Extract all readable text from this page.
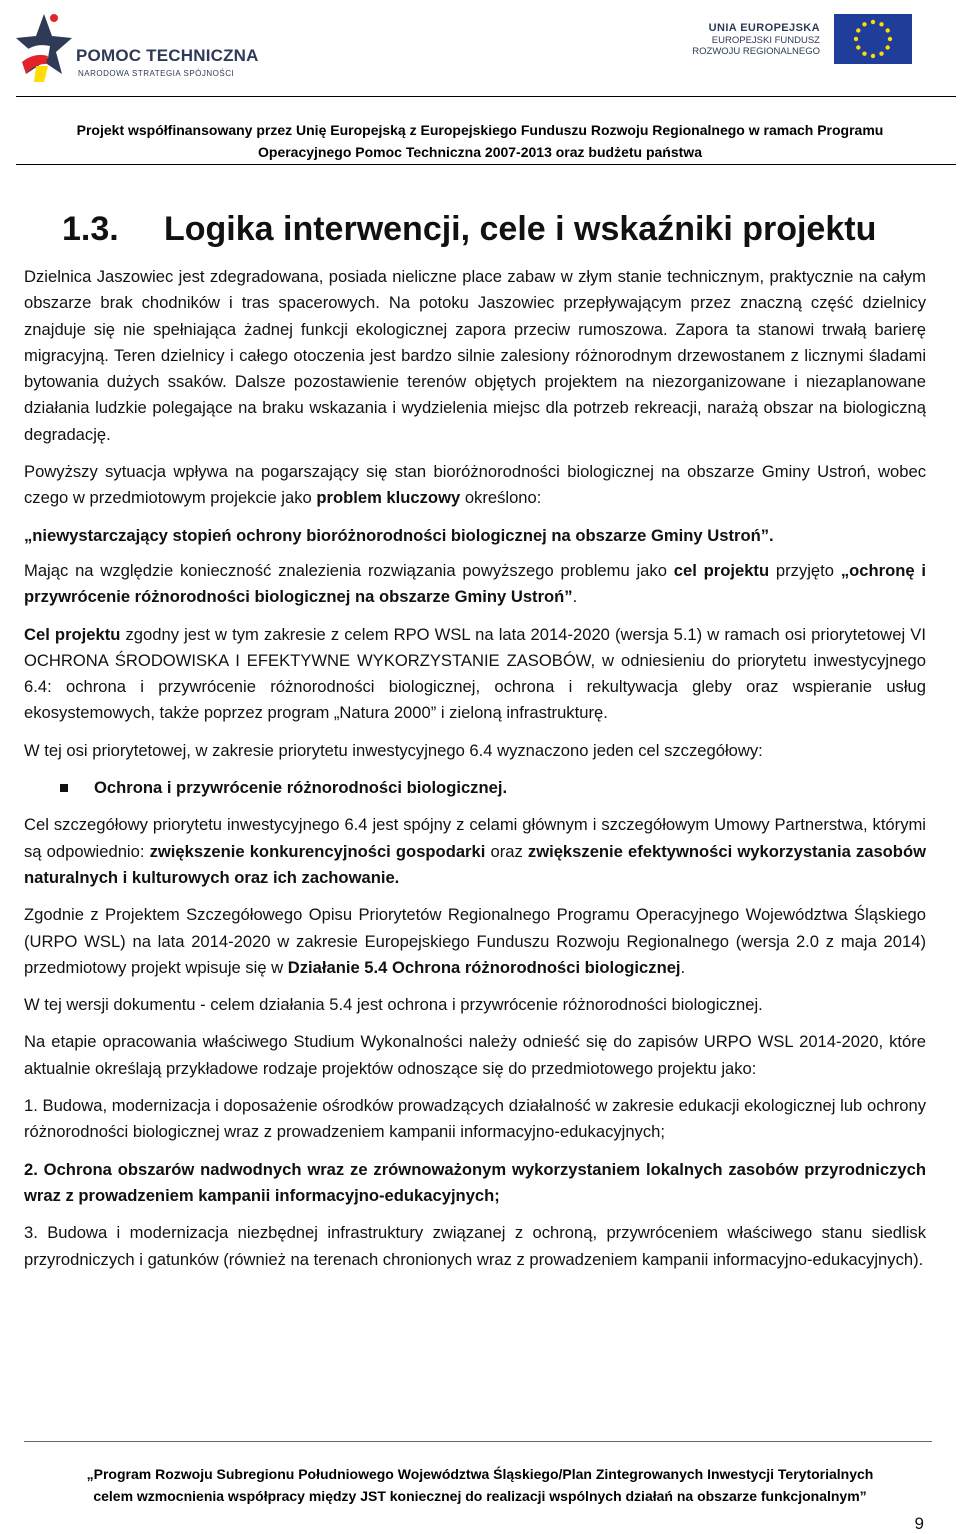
POMOC TECHNICZNA
NARODOWA STRATEGIA SPÓJNOŚCI
UNIA EUROPEJSKA
EUROPEJSKI FUNDUSZ
ROZWOJU REGIONALNEGO
Projekt współfinansowany przez Unię Europejską z Europejskiego Funduszu Rozwoju Regionalnego w ramach Programu
Operacyjnego Pomoc Techniczna 2007-2013 oraz budżetu państwa
1.3. Logika interwencji, cele i wskaźniki projektu

Dzielnica Jaszowiec jest zdegradowana, posiada nieliczne place zabaw w złym stanie technicznym, praktycznie na całym obszarze brak chodników i tras spacerowych. Na potoku Jaszowiec przepływającym przez znaczną część dzielnicy znajduje się nie spełniająca żadnej funkcji ekologicznej zapora przeciw rumoszowa. Zapora ta stanowi trwałą barierę migracyjną. Teren dzielnicy i całego otoczenia jest bardzo silnie zalesiony różnorodnym drzewostanem z licznymi śladami bytowania dużych ssaków. Dalsze pozostawienie terenów objętych projektem na niezorganizowane i niezaplanowane działania ludzkie polegające na braku wskazania i wydzielenia miejsc dla potrzeb rekreacji, narażą obszar na biologiczną degradację.

Powyższy sytuacja wpływa na pogarszający się stan bioróżnorodności biologicznej na obszarze Gminy Ustroń, wobec czego w przedmiotowym projekcie jako problem kluczowy określono:

„niewystarczający stopień ochrony bioróżnorodności biologicznej na obszarze Gminy Ustroń”.

Mając na względzie konieczność znalezienia rozwiązania powyższego problemu jako cel projektu przyjęto „ochronę i przywrócenie różnorodności biologicznej na obszarze Gminy Ustroń”.

Cel projektu zgodny jest w tym zakresie z celem RPO WSL na lata 2014-2020 (wersja 5.1) w ramach osi priorytetowej VI OCHRONA ŚRODOWISKA I EFEKTYWNE WYKORZYSTANIE ZASOBÓW, w odniesieniu do priorytetu inwestycyjnego 6.4: ochrona i przywrócenie różnorodności biologicznej, ochrona i rekultywacja gleby oraz wspieranie usług ekosystemowych, także poprzez program „Natura 2000” i zieloną infrastrukturę.

W tej osi priorytetowej, w zakresie priorytetu inwestycyjnego 6.4 wyznaczono jeden cel szczegółowy:

Ochrona i przywrócenie różnorodności biologicznej.

Cel szczegółowy priorytetu inwestycyjnego 6.4 jest spójny z celami głównym i szczegółowym Umowy Partnerstwa, którymi są odpowiednio: zwiększenie konkurencyjności gospodarki oraz zwiększenie efektywności wykorzystania zasobów naturalnych i kulturowych oraz ich zachowanie.

Zgodnie z Projektem Szczegółowego Opisu Priorytetów Regionalnego Programu Operacyjnego Województwa Śląskiego (URPO WSL) na lata 2014-2020 w zakresie Europejskiego Funduszu Rozwoju Regionalnego (wersja 2.0 z maja 2014) przedmiotowy projekt wpisuje się w Działanie 5.4 Ochrona różnorodności biologicznej.

W tej wersji dokumentu - celem działania 5.4 jest ochrona i przywrócenie różnorodności biologicznej.

Na etapie opracowania właściwego Studium Wykonalności należy odnieść się do zapisów URPO WSL 2014-2020, które aktualnie określają przykładowe rodzaje projektów odnoszące się do przedmiotowego projektu jako:

1. Budowa, modernizacja i doposażenie ośrodków prowadzących działalność w zakresie edukacji ekologicznej lub ochrony różnorodności biologicznej wraz z prowadzeniem kampanii informacyjno-edukacyjnych;

2. Ochrona obszarów nadwodnych wraz ze zrównoważonym wykorzystaniem lokalnych zasobów przyrodniczych wraz z prowadzeniem kampanii informacyjno-edukacyjnych;

3. Budowa i modernizacja niezbędnej infrastruktury związanej z ochroną, przywróceniem właściwego stanu siedlisk przyrodniczych i gatunków (również na terenach chronionych wraz z prowadzeniem kampanii informacyjno-edukacyjnych).

„Program Rozwoju Subregionu Południowego Województwa Śląskiego/Plan Zintegrowanych Inwestycji Terytorialnych
celem wzmocnienia współpracy między JST koniecznej do realizacji wspólnych działań na obszarze funkcjonalnym”
9
